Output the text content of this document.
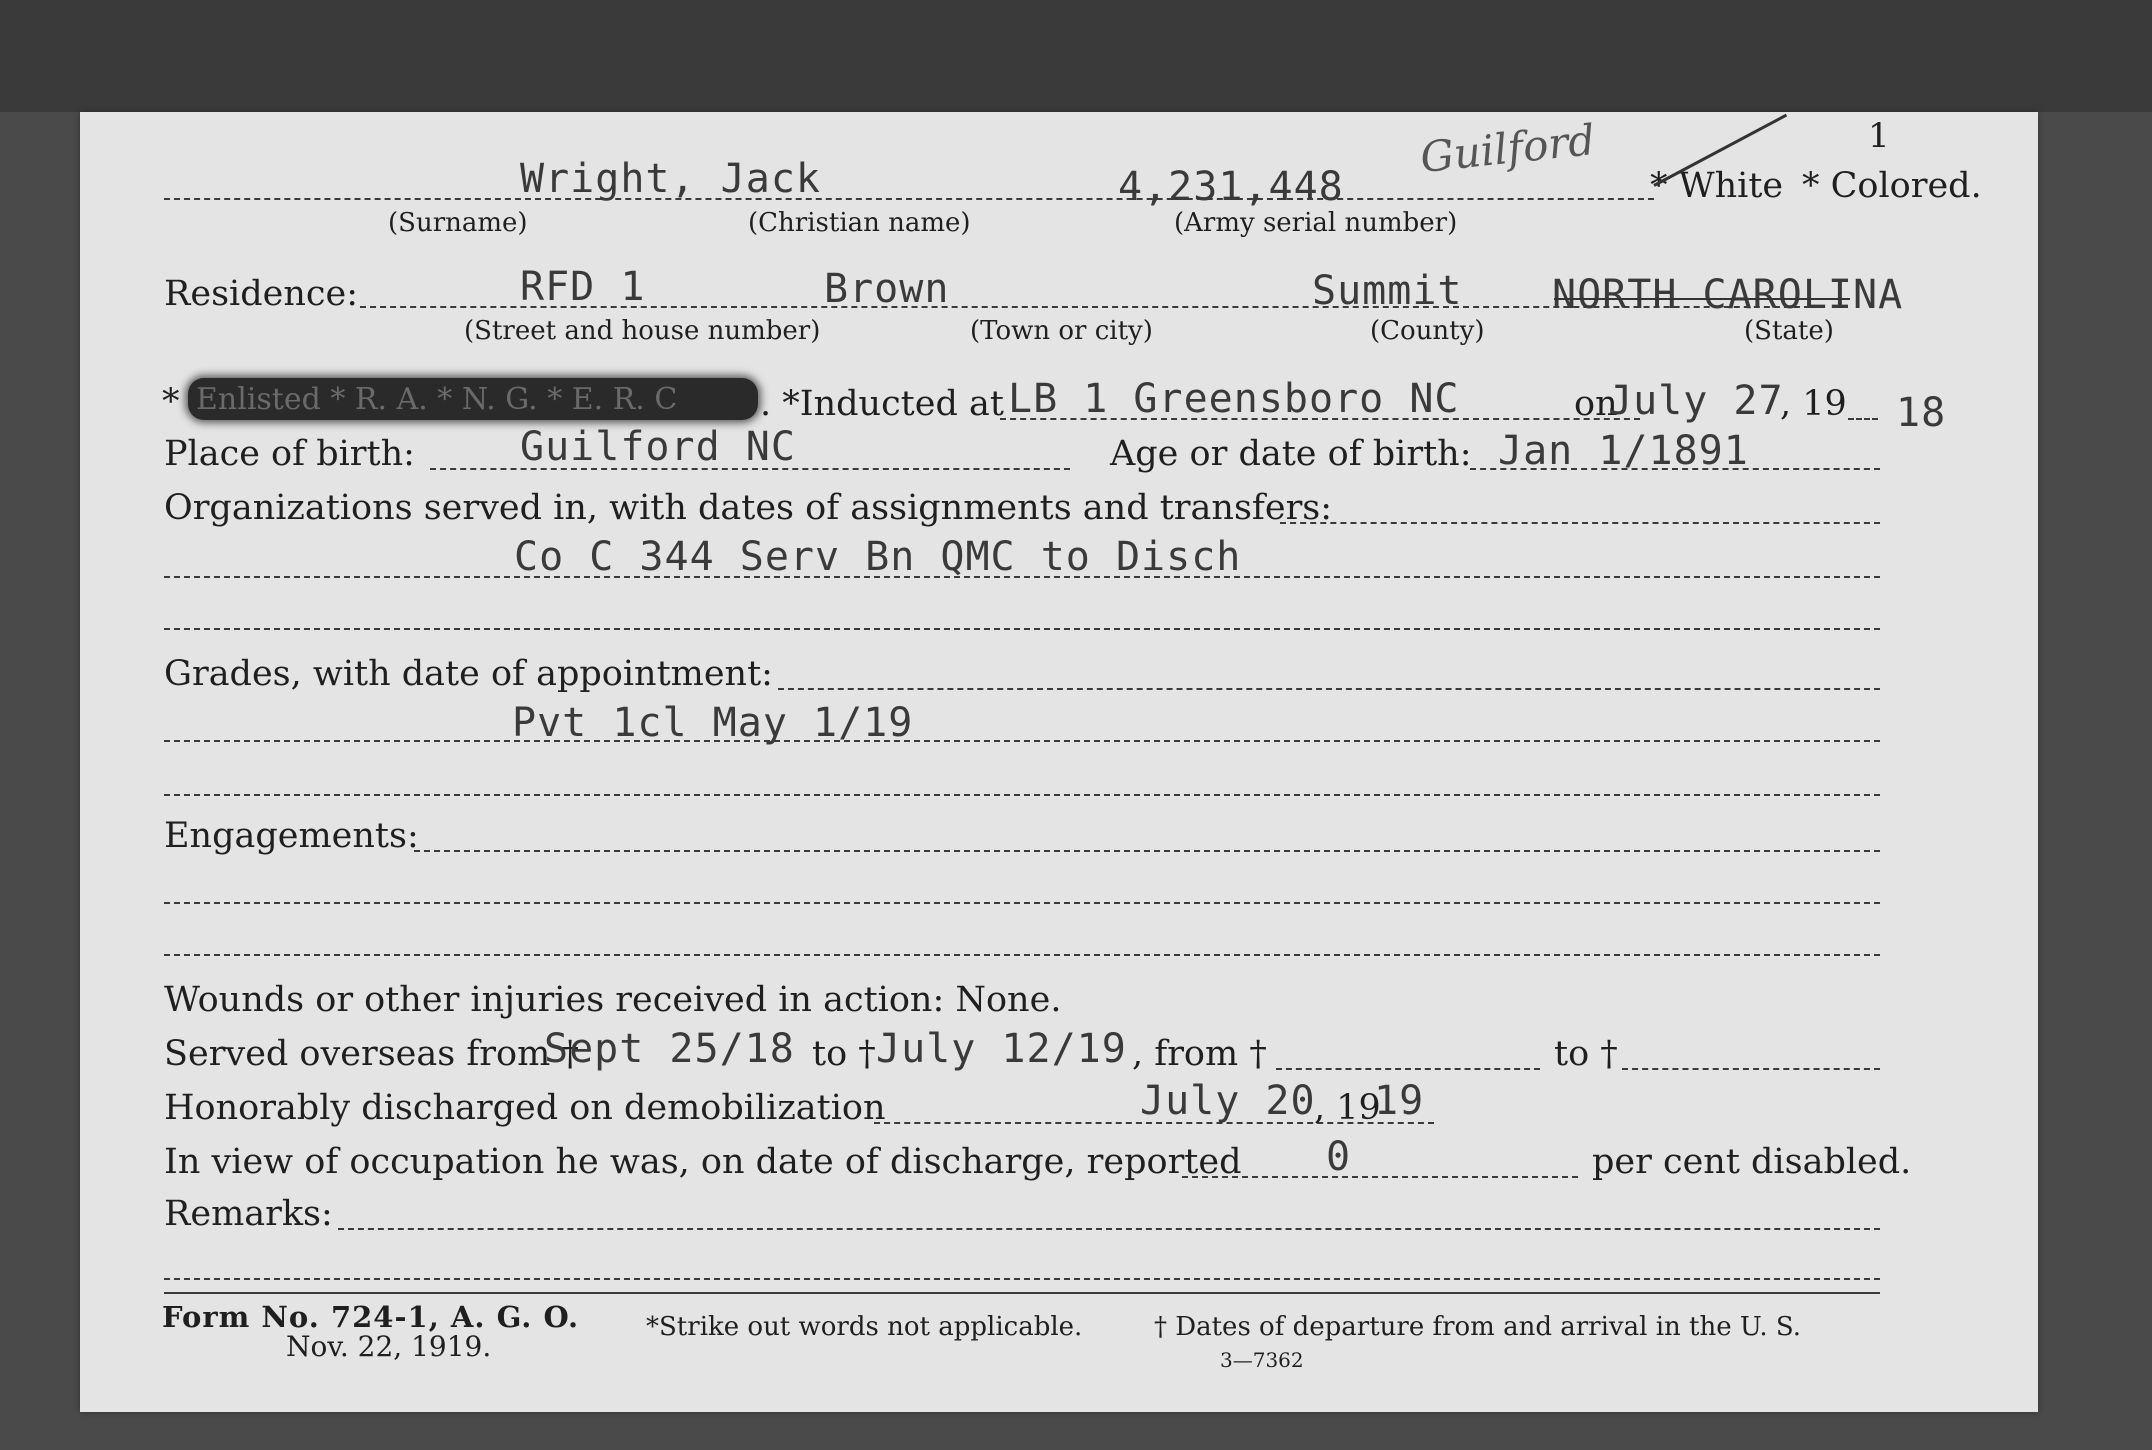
1
Wright, Jack	4,231,448
Guilford
* White * Colored.
(Surname)	(Christian name)	(Army serial number)
Residence:	RFD 1	Brown	Summit NORTH CAROLINA
(Street and house number)	(Town or city)	(County)	(State)
* Enlisted * R. A. * N. G. * E. R. C	. *Inducted at LB 1 Greensboro NC	on
July 27
, 19 18
Place of birth:	Guilford NC	Age or date of birth: Jan 1/1891
Organizations served in, with dates of assignments and transfers:
Co C 344 Serv Bn QMC to Disch
Grades, with date of appointment:
Pvt 1cl May 1/19
Engagements:
Wounds or other injuries received in action: None.
Served overseas from †
Sept 25/18 to † July 12/19 , from †	to †
Honorably discharged on demobilization	July 20
, 19
19
In view of occupation he was, on date of discharge, reported 0	per cent disabled.
Remarks:
Form No. 724-1, A. G. O.
Nov. 22, 1919.
*Strike out words not applicable.	† Dates of departure from and arrival in the U. S.
3—7362
